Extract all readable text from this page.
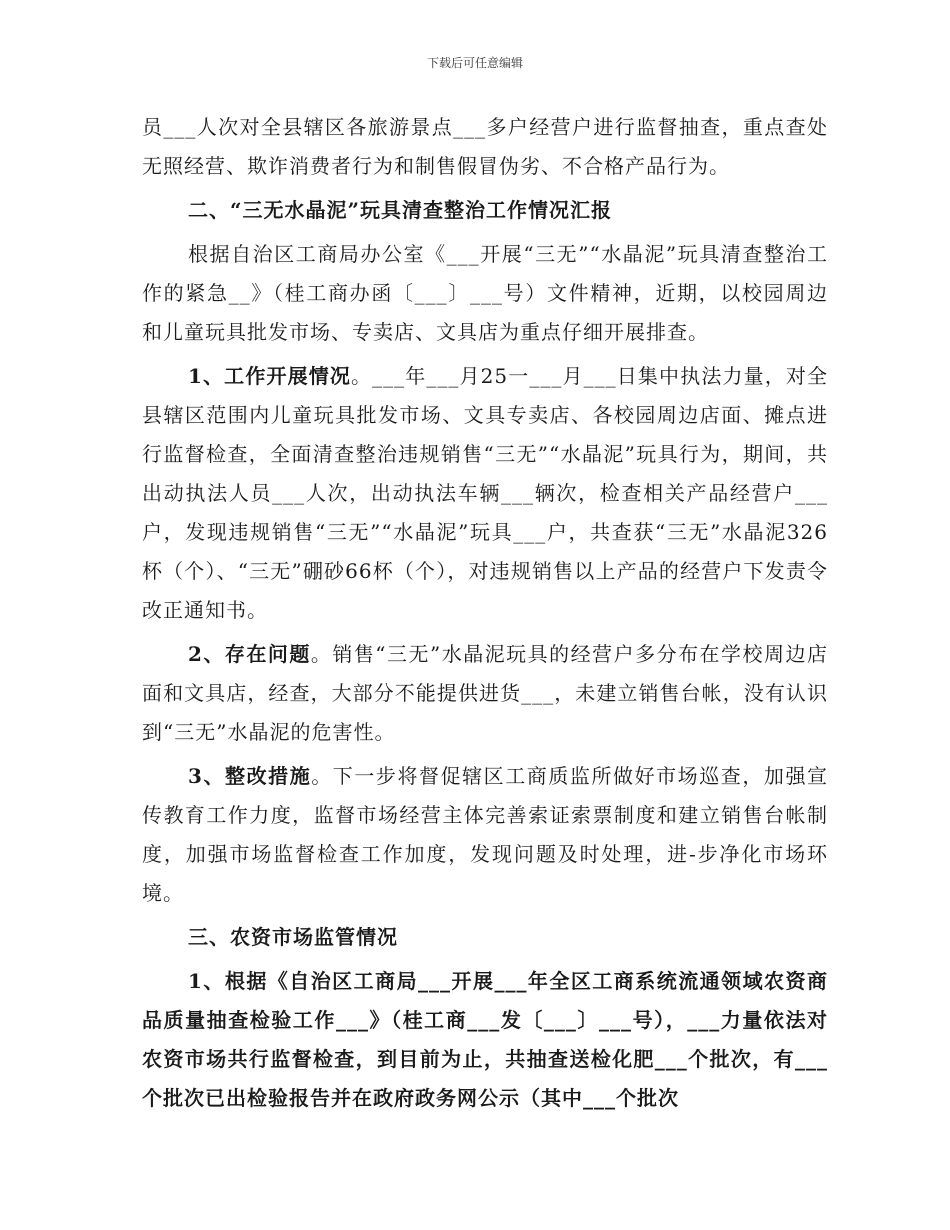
下载后可任意编辑

员___人次对全县辖区各旅游景点___多户经营户进行监督抽查，重点查处无照经营、欺诈消费者行为和制售假冒伪劣、不合格产品行为。

二、“三无水晶泥”玩具清查整治工作情况汇报

根据自治区工商局办公室《___开展“三无”“水晶泥”玩具清查整治工作的紧急__》（桂工商办函〔___〕___号）文件精神，近期，以校园周边和儿童玩具批发市场、专卖店、文具店为重点仔细开展排查。

1、工作开展情况。___年___月25一___月___日集中执法力量，对全县辖区范围内儿童玩具批发市场、文具专卖店、各校园周边店面、摊点进行监督检查，全面清查整治违规销售“三无”“水晶泥”玩具行为，期间，共出动执法人员___人次，出动执法车辆___辆次，检查相关产品经营户___户，发现违规销售“三无”“水晶泥”玩具___户，共查获“三无”水晶泥326杯（个）、“三无”硼砂66杯（个），对违规销售以上产品的经营户下发责令改正通知书。

2、存在问题。销售“三无”水晶泥玩具的经营户多分布在学校周边店面和文具店，经查，大部分不能提供进货___，未建立销售台帐，没有认识到“三无”水晶泥的危害性。

3、整改措施。下一步将督促辖区工商质监所做好市场巡查，加强宣传教育工作力度，监督市场经营主体完善索证索票制度和建立销售台帐制度，加强市场监督检查工作加度，发现问题及时处理，进-步净化市场环境。

三、农资市场监管情况

1、根据《自治区工商局___开展___年全区工商系统流通领域农资商品质量抽查检验工作___》（桂工商___发〔___〕___号），___力量依法对农资市场共行监督检查，到目前为止，共抽查送检化肥___个批次，有___个批次已出检验报告并在政府政务网公示（其中___个批次
